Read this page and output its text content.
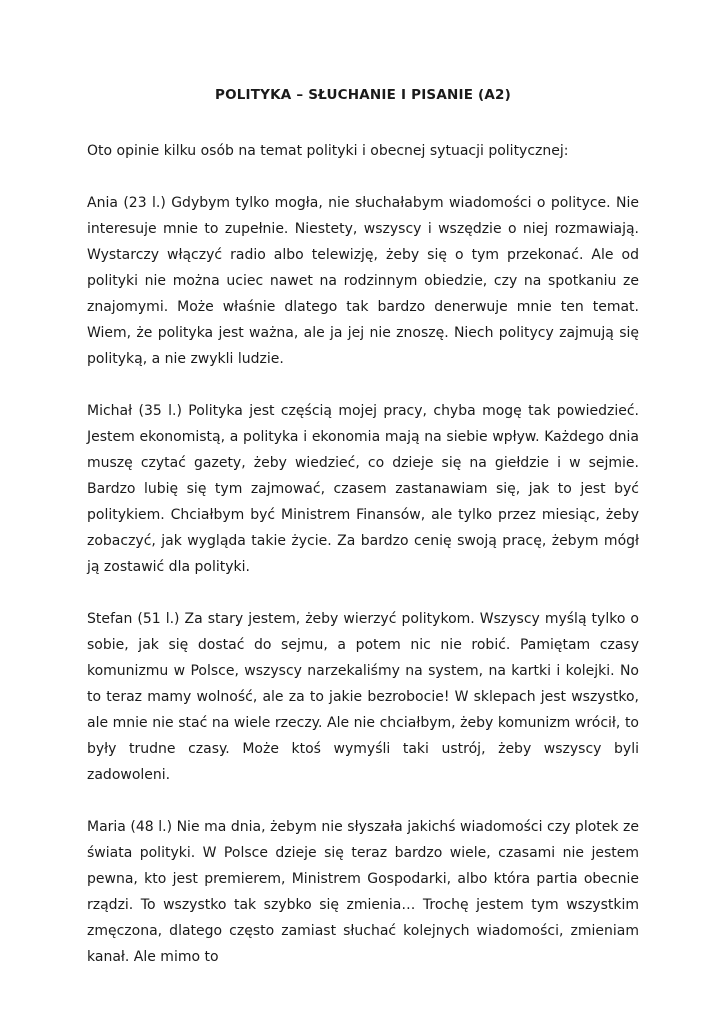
POLITYKA – SŁUCHANIE I PISANIE (A2)
Oto opinie kilku osób na temat polityki i obecnej sytuacji politycznej:

Ania (23 l.) Gdybym tylko mogła, nie słuchałabym wiadomości o polityce. Nie interesuje mnie to zupełnie. Niestety, wszyscy i wszędzie o niej rozmawiają. Wystarczy włączyć radio albo telewizję, żeby się o tym przekonać. Ale od polityki nie można uciec nawet na rodzinnym obiedzie, czy na spotkaniu ze znajomymi. Może właśnie dlatego tak bardzo denerwuje mnie ten temat. Wiem, że polityka jest ważna, ale ja jej nie znoszę. Niech politycy zajmują się polityką, a nie zwykli ludzie.

Michał (35 l.) Polityka jest częścią mojej pracy, chyba mogę tak powiedzieć. Jestem ekonomistą, a polityka i ekonomia mają na siebie wpływ. Każdego dnia muszę czytać gazety, żeby wiedzieć, co dzieje się na giełdzie i w sejmie. Bardzo lubię się tym zajmować, czasem zastanawiam się, jak to jest być politykiem. Chciałbym być Ministrem Finansów, ale tylko przez miesiąc, żeby zobaczyć, jak wygląda takie życie. Za bardzo cenię swoją pracę, żebym mógł ją zostawić dla polityki.

Stefan (51 l.) Za stary jestem, żeby wierzyć politykom. Wszyscy myślą tylko o sobie, jak się dostać do sejmu, a potem nic nie robić. Pamiętam czasy komunizmu w Polsce, wszyscy narzekaliśmy na system, na kartki i kolejki. No to teraz mamy wolność, ale za to jakie bezrobocie! W sklepach jest wszystko, ale mnie nie stać na wiele rzeczy. Ale nie chciałbym, żeby komunizm wrócił, to były trudne czasy. Może ktoś wymyśli taki ustrój, żeby wszyscy byli zadowoleni.

Maria (48 l.) Nie ma dnia, żebym nie słyszała jakichś wiadomości czy plotek ze świata polityki. W Polsce dzieje się teraz bardzo wiele, czasami nie jestem pewna, kto jest premierem, Ministrem Gospodarki, albo która partia obecnie rządzi. To wszystko tak szybko się zmienia… Trochę jestem tym wszystkim zmęczona, dlatego często zamiast słuchać kolejnych wiadomości, zmieniam kanał. Ale mimo to
